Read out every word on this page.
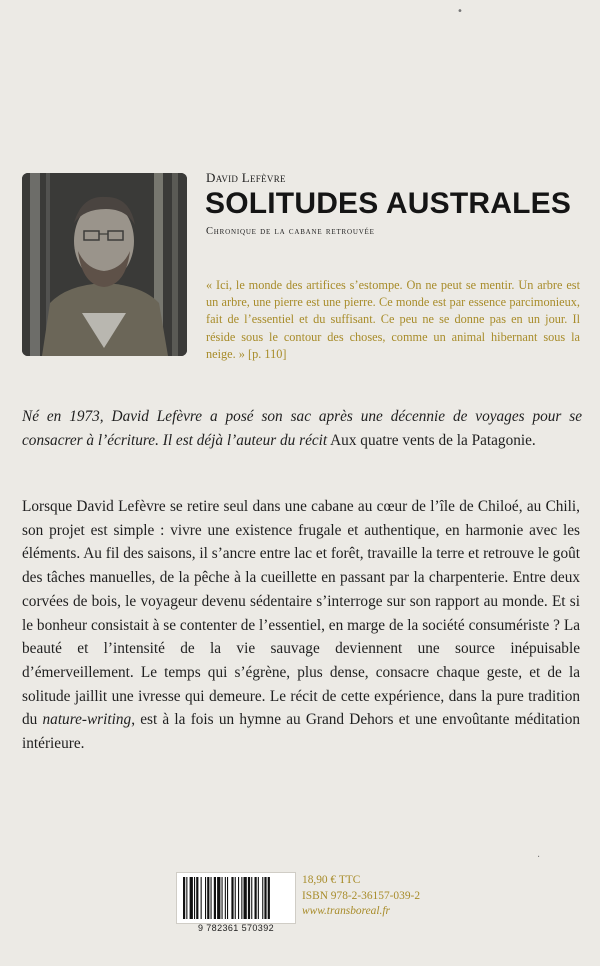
David Lefèvre
SOLITUDES AUSTRALES
Chronique de la cabane retrouvée
« Ici, le monde des artifices s’estompe. On ne peut se mentir. Un arbre est un arbre, une pierre est une pierre. Ce monde est par essence parcimonieux, fait de l’essentiel et du suffisant. Ce peu ne se donne pas en un jour. Il réside sous le contour des choses, comme un animal hibernant sous la neige. » [p. 110]
Né en 1973, David Lefèvre a posé son sac après une décennie de voyages pour se consacrer à l’écriture. Il est déjà l’auteur du récit Aux quatre vents de la Patagonie.
Lorsque David Lefèvre se retire seul dans une cabane au cœur de l’île de Chiloé, au Chili, son projet est simple : vivre une existence frugale et authentique, en harmonie avec les éléments. Au fil des saisons, il s’ancre entre lac et forêt, travaille la terre et retrouve le goût des tâches manuelles, de la pêche à la cueillette en passant par la charpenterie. Entre deux corvées de bois, le voyageur devenu sédentaire s’interroge sur son rapport au monde. Et si le bonheur consistait à se contenter de l’essentiel, en marge de la société consumériste ? La beauté et l’intensité de la vie sauvage deviennent une source inépuisable d’émerveillement. Le temps qui s’égrène, plus dense, consacre chaque geste, et de la solitude jaillit une ivresse qui demeure. Le récit de cette expérience, dans la pure tradition du nature-writing, est à la fois un hymne au Grand Dehors et une envoûtante méditation intérieure.
9 782361 570392
18,90 € TTC
ISBN 978-2-36157-039-2
www.transboreal.fr
•
·
